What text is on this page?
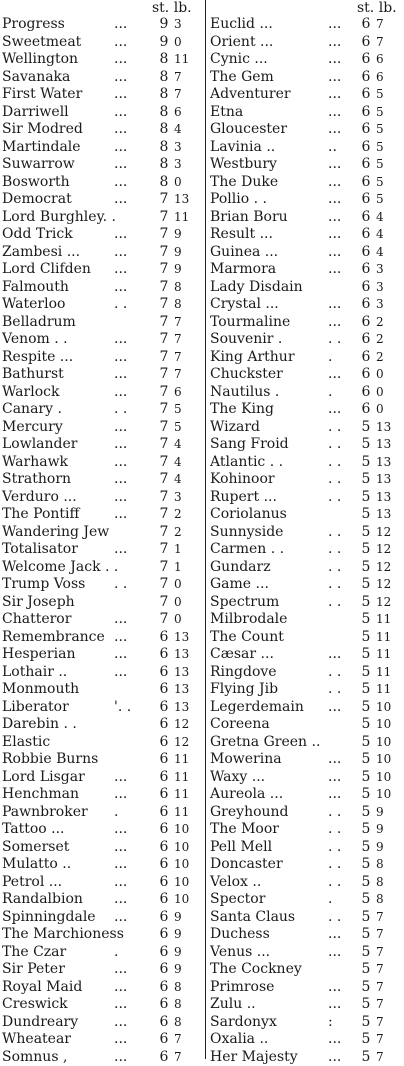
st. lb.	st. lb.
Progress	... 9 3
Sweetmeat ... 9 0
Wellington	... 8 11
Savanaka	... 8 7
First Water ... 8 7
Darriwell	... 8 6
Sir Modred ... 8 4
Martindale ... 8 3
Suwarrow	... 8 3
Bosworth	... 8 0
Democrat	... 7 13
Lord Burghley. .	7 11
Odd Trick	... 7 9
Zambesi ... ... 7 9
Lord Clifden ... 7 9
Falmouth	... 7 8
Waterloo	. . 7 8
Belladrum	7 7
Venom . .	... 7 7
Respite ...	... 7 7
Bathurst	... 7 7
Warlock	... 7 6
Canary .	. . 7 5
Mercury	... 7 5
Lowlander	... 7 4
Warhawk	... 7 4
Strathorn	... 7 4
Verduro ...	... 7 3
The Pontiff ... 7 2
Wandering Jew	7 2
Totalisator	... 7 1
Welcome Jack . .	7 1
Trump Voss . . 7 0
Sir Joseph	7 0
Chatteror	... 7 0
Remembrance ... 6 13
Hesperian	... 6 13
Lothair ..	... 6 13
Monmouth	6 13
Liberator	'. . 6 13
Darebin . .	6 12
Elastic	6 12
Robbie Burns	6 11
Lord Lisgar ... 6 11
Henchman ... 6 11
Pawnbroker .	6 11
Tattoo ...	... 6 10
Somerset	... 6 10
Mulatto ..	... 6 10
Petrol ...	... 6 10
Randalbion ... 6 10
Spinningdale ... 6 9
The Marchioness	6 9
The Czar	.	6 9
Sir Peter	... 6 9
Royal Maid ... 6 8
Creswick	... 6 8
Dundreary	... 6 8
Wheatear	... 6 7
Somnus ,	... 6 7
Euclid ...	... 6 7
Orient ...	... 6 7
Cynic ...	... 6 6
The Gem	... 6 6
Adventurer	... 6 5
Etna	... 6 5
Gloucester	... 6 5
Lavinia ..	.. 6 5
Westbury	... 6 5
The Duke	... 6 5
Pollio . .	... 6 5
Brian Boru	... 6 4
Result ...	... 6 4
Guinea ...	... 6 4
Marmora	... 6 3
Lady Disdain	6 3
Crystal ...	... 6 3
Tourmaline	... 6 2
Souvenir .	. . 6 2
King Arthur . 6 2
Chuckster	... 6 0
Nautilus .	. 6 0
The King	... 6 0
Wizard	. . 5 13
Sang Froid	. . 5 13
Atlantic . .	. . 5 13
Kohinoor	. . 5 13
Rupert ...	. . 5 13
Coriolanus	5 13
Sunnyside	. . 5 12
Carmen . .	. . 5 12
Gundarz	. . 5 12
Game ...	. . 5 12
Spectrum	. . 5 12
Milbrodale	5 11
The Count	5 11
Cæsar ...	... 5 11
Ringdove	. . 5 11
Flying Jib	. . 5 11
Legerdemain ... 5 10
Coreena	5 10
Gretna Green ..	5 10
Mowerina	... 5 10
Waxy ...	... 5 10
Aureola ...	... 5 10
Greyhound	. . 5 9
The Moor	. . 5 9
Pell Mell	. . 5 9
Doncaster	. . 5 8
Velox ..	. . 5 8
Spector	. 5 8
Santa Claus . . 5 7
Duchess	... 5 7
Venus ...	... 5 7
The Cockney	5 7
Primrose	... 5 7
Zulu ..	... 5 7
Sardonyx	: 5 7
Oxalia ..	... 5 7
Her Majesty ... 5 7
